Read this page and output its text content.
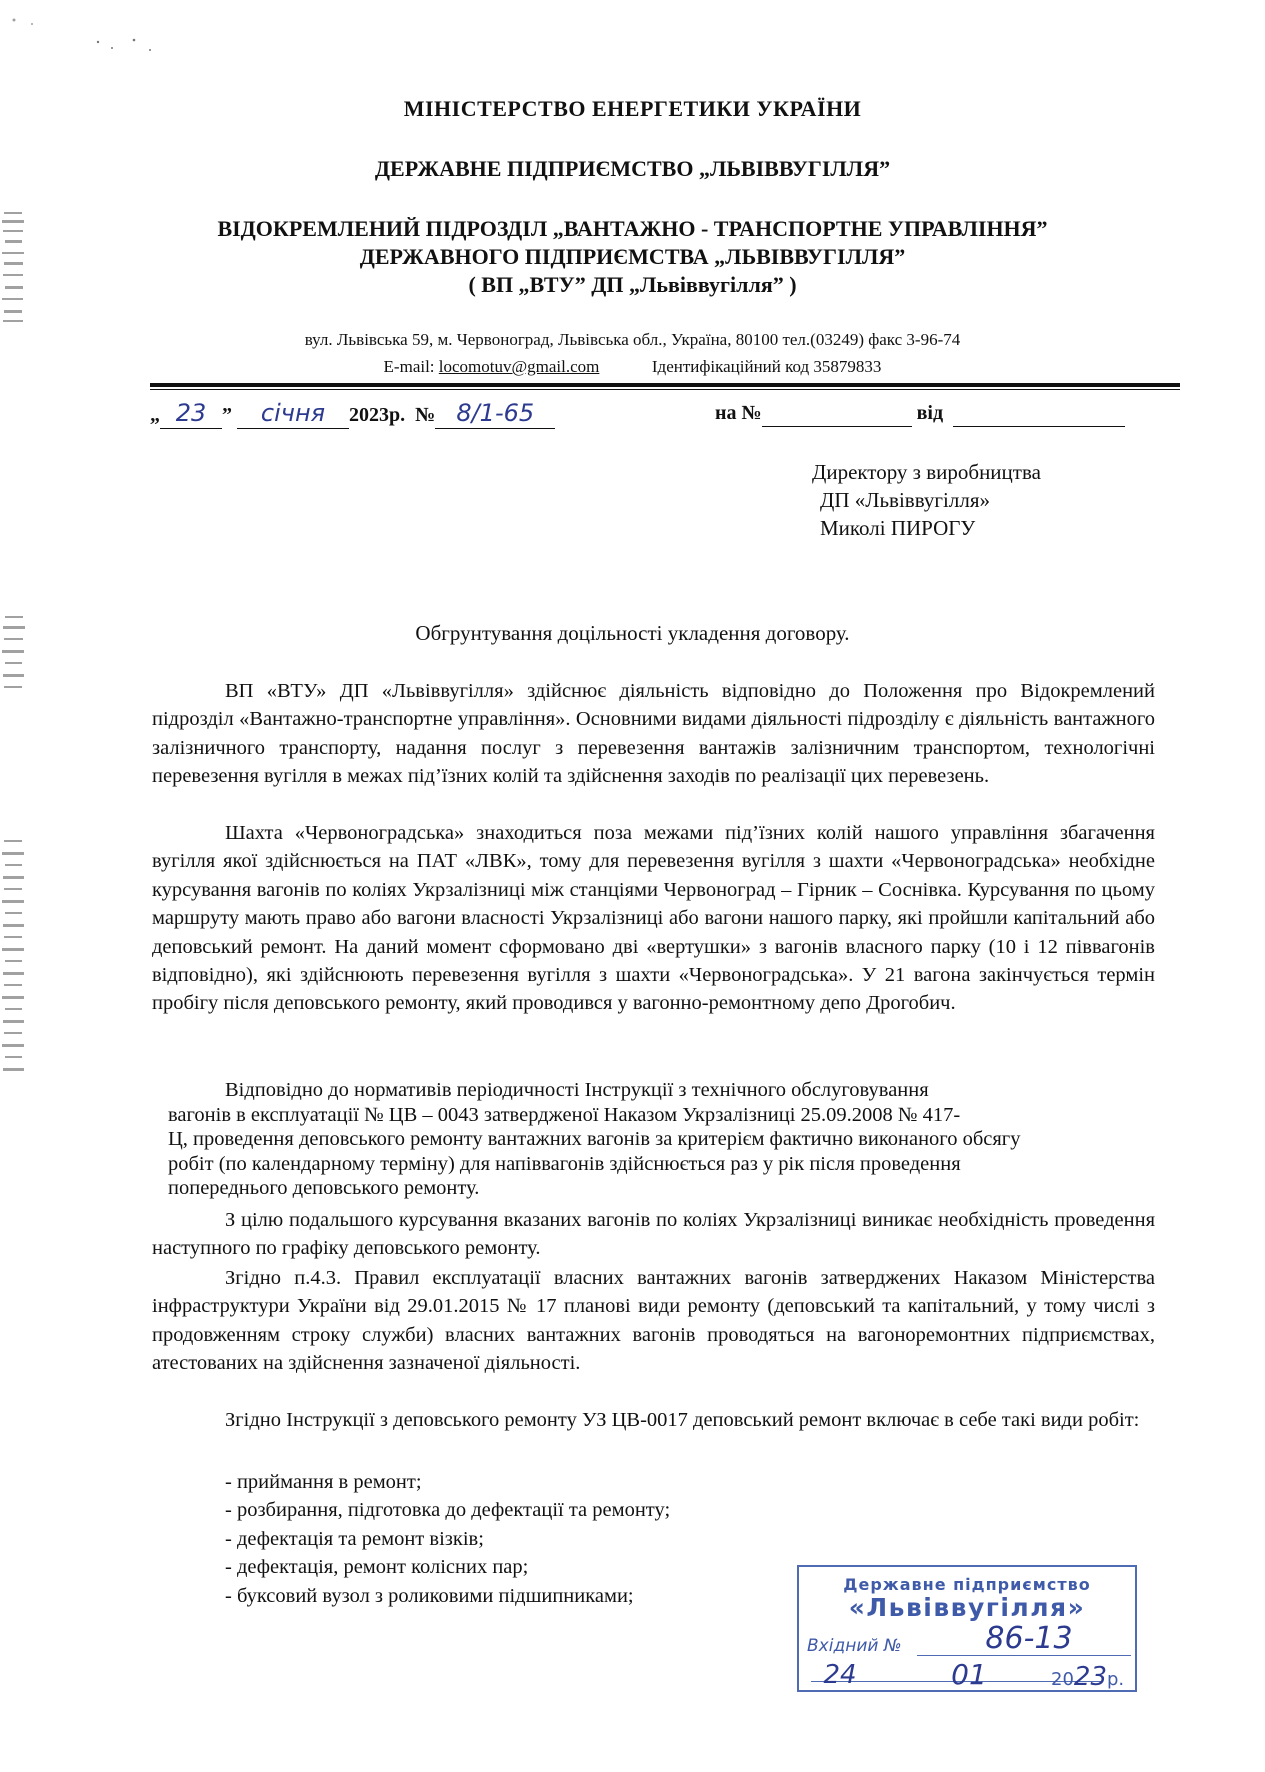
МІНІСТЕРСТВО ЕНЕРГЕТИКИ УКРАЇНИ
ДЕРЖАВНЕ ПІДПРИЄМСТВО „ЛЬВІВВУГІЛЛЯ”
ВІДОКРЕМЛЕНИЙ ПІДРОЗДІЛ „ВАНТАЖНО - ТРАНСПОРТНЕ УПРАВЛІННЯ”
ДЕРЖАВНОГО ПІДПРИЄМСТВА „ЛЬВІВВУГІЛЛЯ”
( ВП „ВТУ” ДП „Львіввугілля” )
вул. Львівська 59, м. Червоноград, Львівська обл., Україна, 80100 тел.(03249) факс 3-96-74
E-mail: locomotuv@gmail.com	Ідентифікаційний код 35879833
„ 23 ” січня 2023р. № 8/1-65	на №	від
Директору з виробництва
ДП «Львіввугілля»
Миколі ПИРОГУ
Обгрунтування доцільності укладення договору.
ВП «ВТУ» ДП «Львіввугілля» здійснює діяльність відповідно до Положення про Відокремлений підрозділ «Вантажно-транспортне управління». Основними видами діяльності підрозділу є діяльність вантажного залізничного транспорту, надання послуг з перевезення вантажів залізничним транспортом, технологічні перевезення вугілля в межах під’їзних колій та здійснення заходів по реалізації цих перевезень.
Шахта «Червоноградська» знаходиться поза межами під’їзних колій нашого управління збагачення вугілля якої здійснюється на ПАТ «ЛВК», тому для перевезення вугілля з шахти «Червоноградська» необхідне курсування вагонів по коліях Укрзалізниці між станціями Червоноград – Гірник – Соснівка. Курсування по цьому маршруту мають право або вагони власності Укрзалізниці або вагони нашого парку, які пройшли капітальний або деповський ремонт. На даний момент сформовано дві «вертушки» з вагонів власного парку (10 і 12 піввагонів відповідно), які здійснюють перевезення вугілля з шахти «Червоноградська». У 21 вагона закінчується термін пробігу після деповського ремонту, який проводився у вагонно-ремонтному депо Дрогобич.
Відповідно до нормативів періодичності Інструкції з технічного обслуговування
вагонів в експлуатації № ЦВ – 0043 затвердженої Наказом Укрзалізниці 25.09.2008 № 417-
Ц, проведення деповського ремонту вантажних вагонів за критерієм фактично виконаного обсягу
робіт (по календарному терміну) для напіввагонів здійснюється раз у рік після проведення
попереднього деповського ремонту.
З цілю подальшого курсування вказаних вагонів по коліях Укрзалізниці виникає необхідність проведення наступного по графіку деповського ремонту.
Згідно п.4.3. Правил експлуатації власних вантажних вагонів затверджених Наказом Міністерства інфраструктури України від 29.01.2015 № 17 планові види ремонту (деповський та капітальний, у тому числі з продовженням строку служби) власних вантажних вагонів проводяться на вагоноремонтних підприємствах, атестованих на здійснення зазначеної діяльності.
Згідно Інструкції з деповського ремонту УЗ ЦВ-0017 деповський ремонт включає в себе такі види робіт:
- приймання в ремонт;
- розбирання, підготовка до дефектації та ремонту;
- дефектація та ремонт візків;
- дефектація, ремонт колісних пар;
- буксовий вузол з роликовими підшипниками;
Державне підприємство
«Львіввугілля»
Вхідний №	86-13
24	01	2023р.
